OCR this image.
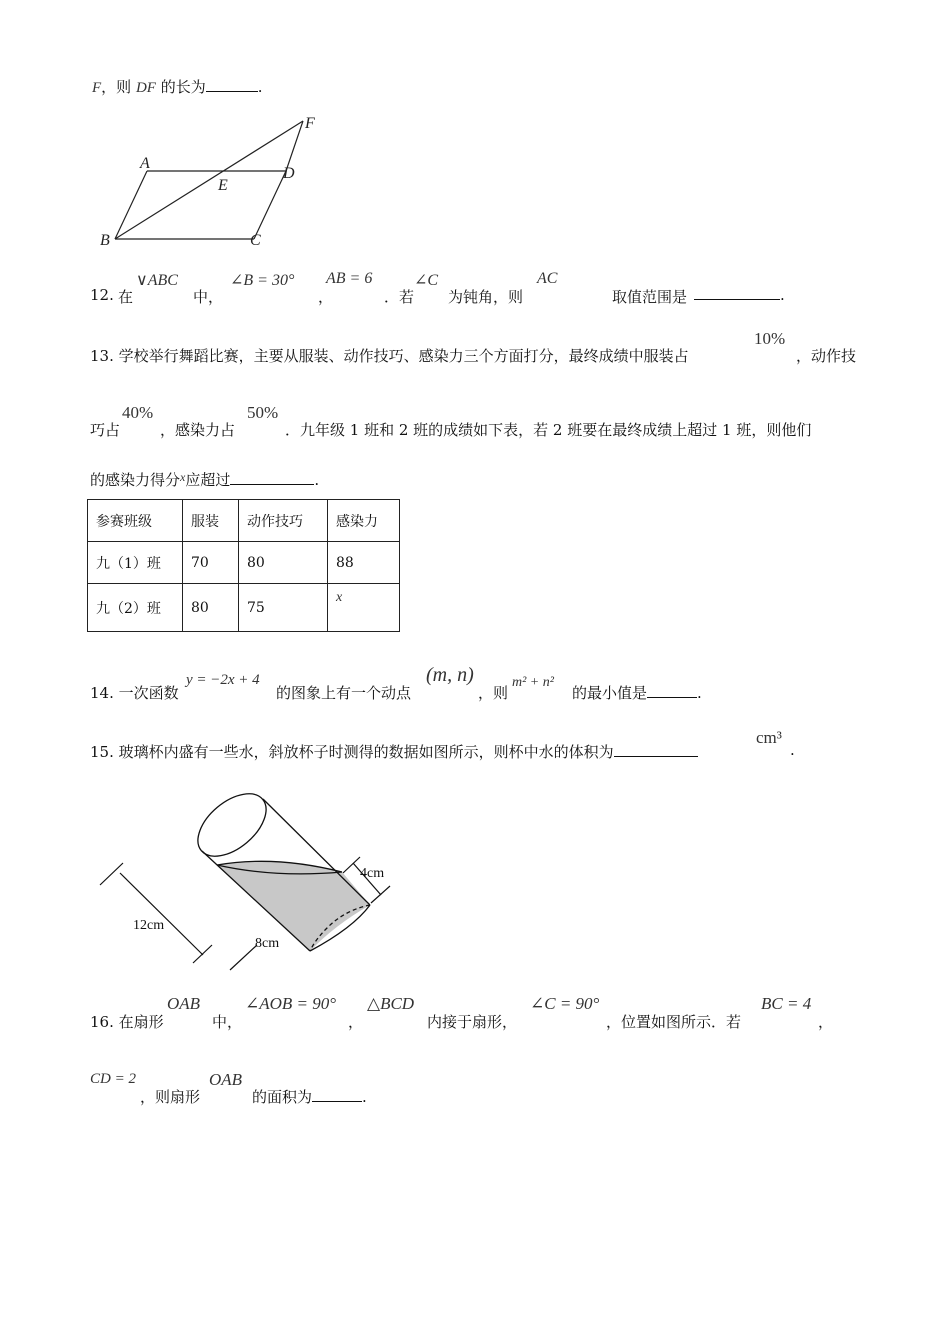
F，则 DF 的长为	.
A
B	C
D
E
F
12. 在
∨ABC
中，
∠B = 30°
，
AB = 6
．若
∠C
为钝角，则
AC
取值范围是	.
13. 学校举行舞蹈比赛，主要从服装、动作技巧、感染力三个方面打分，最终成绩中服装占
10%
，动作技
巧占
40%
，感染力占
50%
．九年级 1 班和 2 班的成绩如下表，若 2 班要在最终成绩上超过 1 班，则他们
的感染力得分$^x$应超过	.
参赛班级	服装	动作技巧	感染力
九（1）班	70	80	88
九（2）班	80	75	x
14. 一次函数
y = −2x + 4
的图象上有一个动点
(m, n)
，则
m² + n²
的最小值是	.
15. 玻璃杯内盛有一些水，斜放杯子时测得的数据如图所示，则杯中水的体积为
cm³
.
4cm
12cm
8cm
16. 在扇形
OAB
中，
∠AOB = 90°
，
△BCD
内接于扇形，
∠C = 90°
，位置如图所示．若
BC = 4
，
CD = 2
，则扇形
OAB
的面积为	.
